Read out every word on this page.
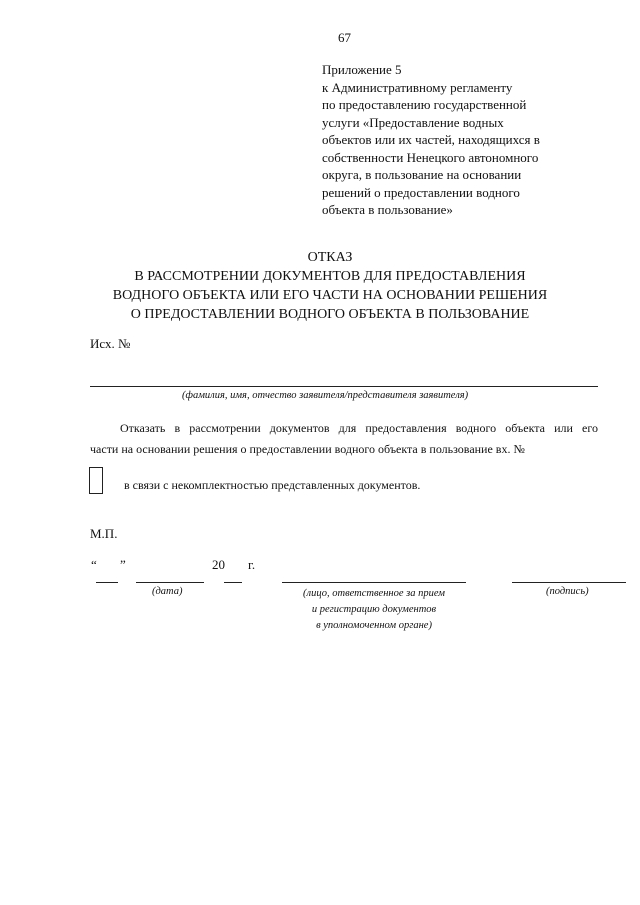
67
Приложение 5
к Административному регламенту
по предоставлению государственной
услуги «Предоставление водных
объектов или их частей, находящихся в
собственности Ненецкого автономного
округа, в пользование на основании
решений о предоставлении водного
объекта в пользование»
ОТКАЗ
В РАССМОТРЕНИИ ДОКУМЕНТОВ ДЛЯ ПРЕДОСТАВЛЕНИЯ
ВОДНОГО ОБЪЕКТА ИЛИ ЕГО ЧАСТИ НА ОСНОВАНИИ РЕШЕНИЯ
О ПРЕДОСТАВЛЕНИИ ВОДНОГО ОБЪЕКТА В ПОЛЬЗОВАНИЕ
Исх. №
(фамилия, имя, отчество заявителя/представителя заявителя)
Отказать в рассмотрении документов для предоставления водного объекта или его
части на основании решения о предоставлении водного объекта в пользование вх. №
в связи с некомплектностью представленных документов.
М.П.
“ ”	20 г.
(дата)	(лицо, ответственное за прием
и регистрацию документов
в уполномоченном органе)
(подпись)
